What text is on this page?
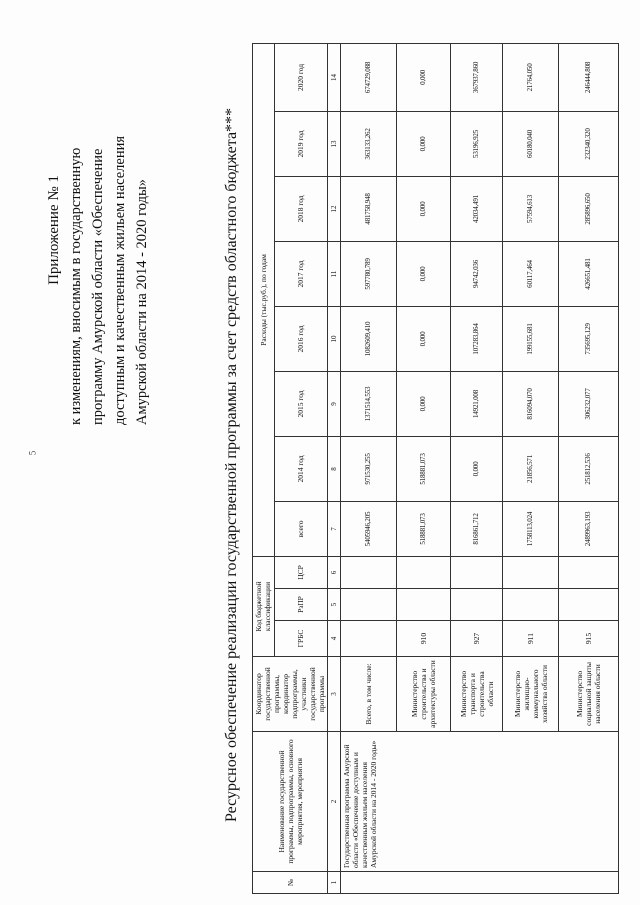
5

Приложение № 1 к изменениям, вносимым в государственную программу Амурской области «Обеспечение доступным и качественным жильем населения Амурской области на 2014 - 2020 годы»	Ресурсное обеспечение реализации государственной программы за счет средств областного бюджета***
№	Наименование государственной программы, подпрограммы, основного мероприятия, мероприятия	Координатор государственной программы, координатор подпрограммы, участники государственной программы	Код бюджетной классификации			Расходы (тыс.руб.), по годам							
			ГРБС	РзПР	ЦСР	всего	2014 год	2015 год	2016 год	2017 год	2018 год	2019 год	2020 год
1	2	3	4	5	6	7	8	9	10	11	12	13	14
	Государственная программа Амурской области «Обеспечение доступным и качественным жильем населения Амурской области на 2014 - 2020 годы»	Всего, в том числе:				5405946,205	971530,255	1371514,553	1082609,410	597780,789	481758,948	363133,262	674729,088
		Министерство строительства и архитектуры области	910			518881,073	518881,073	0,000	0,000	0,000	0,000	0,000	0,000
		Министерство транспорта и строительства области	927			816861,712	0,000	14921,008	107283,864	94742,036	42034,491	53196,925	367937,860
		Министерство жилищно-коммунального хозяйства области	911			1758113,024	21856,571	816094,070	199155,681	60117,464	57594,613	60180,040	21764,050
		Министерство социальной защиты населения области	915			2489963,193	251812,536	306232,077	735695,129	426651,481	285896,650	232340,320	246444,808
